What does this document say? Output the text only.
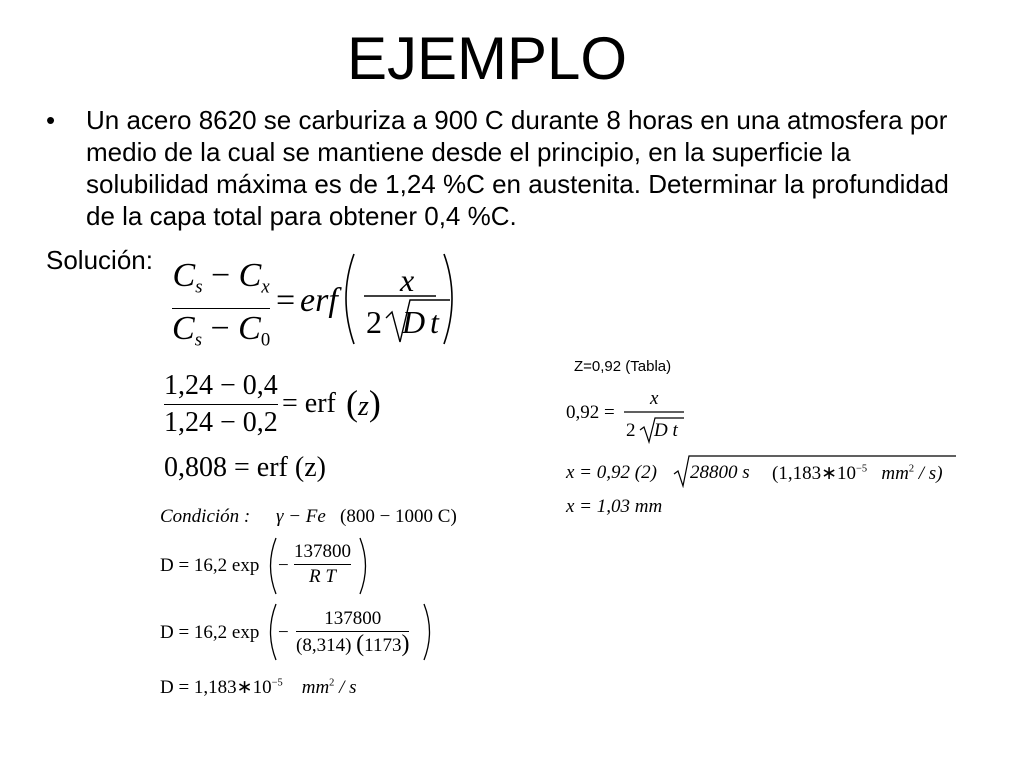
EJEMPLO
• Un acero 8620 se carburiza a 900 C durante 8 horas en una atmosfera por medio de la cual se mantiene desde el principio, en la superficie la solubilidad máxima es de 1,24 %C en austenita. Determinar la profundidad de la capa total para obtener 0,4 %C.
Solución: $C_s - C_x$
$C_s - C_0$
= erf
x
2 D t
1,24 − 0,4
1,24 − 0,2
= erf (z)
0,808 = erf (z)
Condición : γ − Fe (800 − 1000 C)
D = 16,2 exp −
137800
R T
D = 16,2 exp −
137800
(8,314) (1173)
$D = 1,183∗10^{-5}$ $mm^2$ / s
Z=0,92 (Tabla)
0,92 =
x
2 D t
x = 0,92 (2) 28800 s ($1,183∗10^{-5}$ $mm^2 / s$)
x = 1,03 mm
